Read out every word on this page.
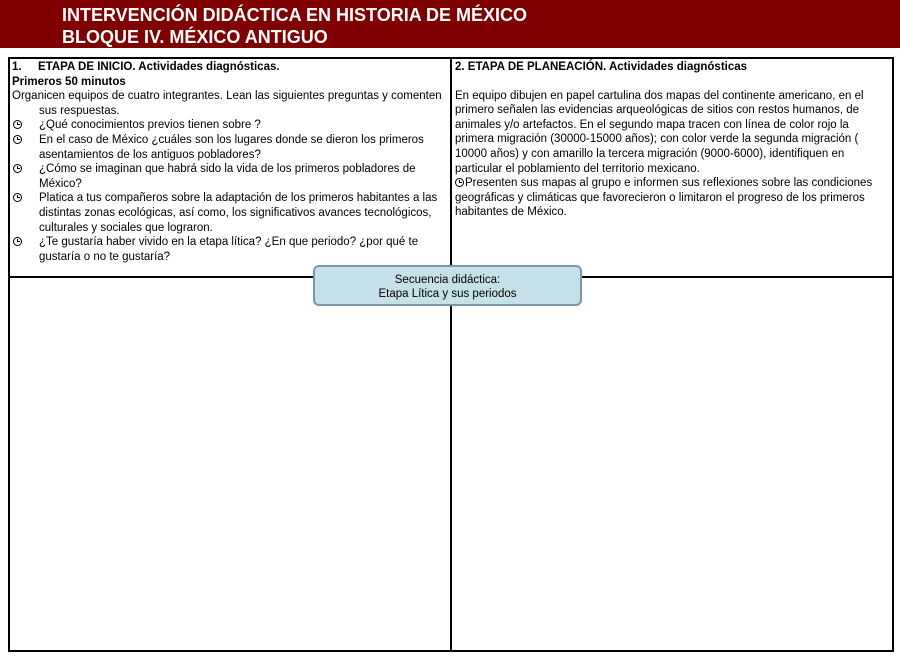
INTERVENCIÓN DIDÁCTICA EN HISTORIA DE MÉXICO
BLOQUE IV. MÉXICO ANTIGUO
1. ETAPA DE INICIO. Actividades diagnósticas.
Primeros 50 minutos
Organicen equipos de cuatro integrantes. Lean las siguientes preguntas y comenten sus respuestas.
¿Qué conocimientos previos tienen sobre ?
En el caso de México ¿cuáles son los lugares donde se dieron los primeros asentamientos de los antiguos pobladores?
¿Cómo se imaginan que habrá sido la vida de los primeros pobladores de México?
Platica a tus compañeros sobre la adaptación de los primeros habitantes a las distintas zonas ecológicas, así como, los significativos avances tecnológicos, culturales y sociales que lograron.
¿Te gustaría haber vivido en la etapa lítica? ¿En que periodo? ¿por qué te gustaría o no te gustaría?
2. ETAPA DE PLANEACIÓN. Actividades diagnósticas
En equipo dibujen en papel cartulina dos mapas del continente americano, en el primero señalen las evidencias arqueológicas de sitios con restos humanos, de animales y/o artefactos. En el segundo mapa tracen con línea de color rojo la primera migración (30000-15000 años); con color verde la segunda migración ( 10000 años) y con amarillo la tercera migración (9000-6000), identifiquen en particular el poblamiento del territorio mexicano.
Presenten sus mapas al grupo e informen sus reflexiones sobre las condiciones geográficas y climáticas que favorecieron o limitaron el progreso de los primeros habitantes de México.
Secuencia didáctica:
Etapa Lítica y sus periodos
